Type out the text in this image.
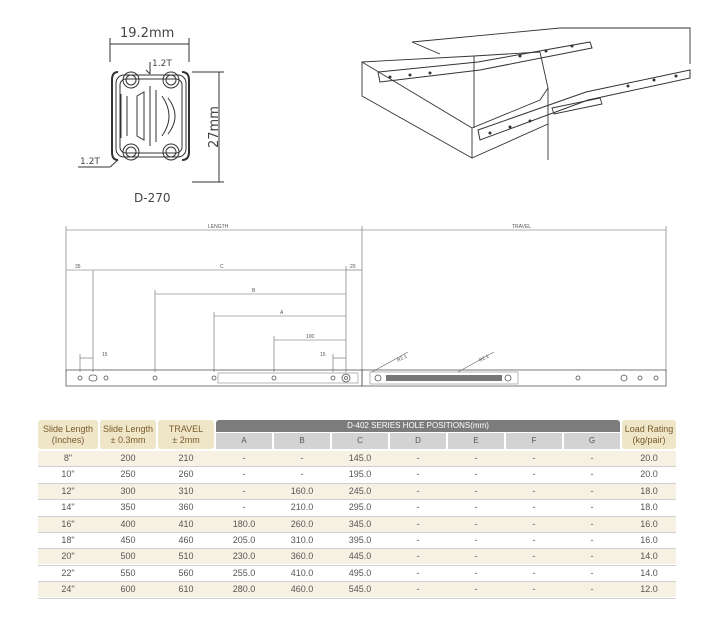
19.2mm
1.2T
1.2T
D-270
27mm
LENGTH	TRAVEL
35	C	20
B
A
100
15	15	R2.1	R2.1
Slide Length
(Inches)
Slide Length
± 0.3mm
TRAVEL
± 2mm
D-402 SERIES HOLE POSITIONS(mm)
A	B	C	D	E	F	G
Load Rating
(kg/pair)
8"	200	210	-	-	145.0	-	-	-	-	20.0
10"	250	260	-	-	195.0	-	-	-	-	20.0
12"	300	310	-	160.0	245.0	-	-	-	-	18.0
14"	350	360	-	210.0	295.0	-	-	-	-	18.0
16"	400	410	180.0	260.0	345.0	-	-	-	-	16.0
18"	450	460	205.0	310.0	395.0	-	-	-	-	16.0
20"	500	510	230.0	360.0	445.0	-	-	-	-	14.0
22"	550	560	255.0	410.0	495.0	-	-	-	-	14.0
24"	600	610	280.0	460.0	545.0	-	-	-	-	12.0
